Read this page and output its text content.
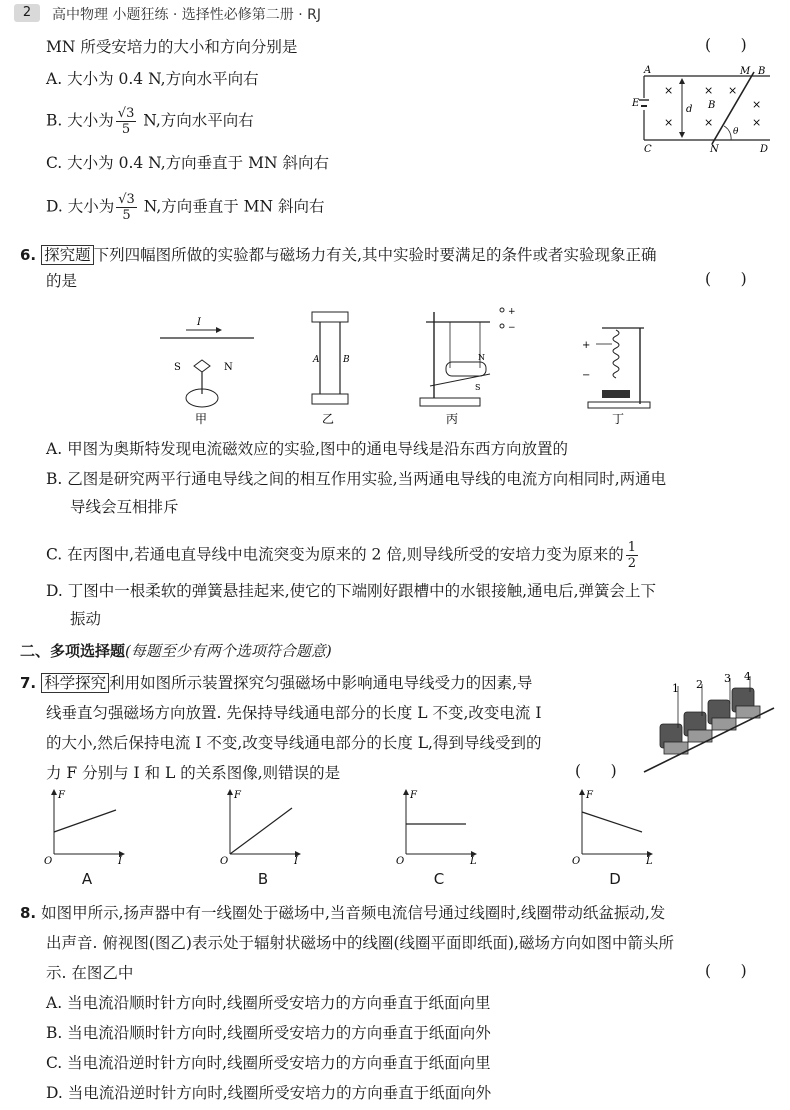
2	高中物理 小题狂练 · 选择性必修第二册 · RJ
MN 所受安培力的大小和方向分别是	(      )
A. 大小为 0.4 N,方向水平向右
B. 大小为 $\frac{√3}{5} N$,方向水平向右
C. 大小为 0.4 N,方向垂直于 MN 斜向右
D. 大小为 $\frac{√3}{5} N$,方向垂直于 MN 斜向右
×
×
× ×
×
×
×
A	B
C	D
M
N
E
d B
θ
6. 探究题 下列四幅图所做的实验都与磁场力有关,其中实验时要满足的条件或者实验现象正确
的是	(      )
I
S	N
甲
A	B
乙
+
−
N
S
丙
+
−
丁
A. 甲图为奥斯特发现电流磁效应的实验,图中的通电导线是沿东西方向放置的
B. 乙图是研究两平行通电导线之间的相互作用实验,当两通电导线的电流方向相同时,两通电
导线会互相排斥
C. 在丙图中,若通电直导线中电流突变为原来的 2 倍,则导线所受的安培力变为原来的 $\frac{1}{2}$
D. 丁图中一根柔软的弹簧悬挂起来,使它的下端刚好跟槽中的水银接触,通电后,弹簧会上下
振动
二、多项选择题(每题至少有两个选项符合题意)
7. 科学探究 利用如图所示装置探究匀强磁场中影响通电导线受力的因素,导
线垂直匀强磁场方向放置. 先保持导线通电部分的长度 L 不变,改变电流 I
的大小,然后保持电流 I 不变,改变导线通电部分的长度 L,得到导线受到的
力 F 分别与 I 和 L 的关系图像,则错误的是	(      )
1 2 3 4
F
I
O
F
I
O
F
L
O
F
L
O
A	B	C	D
8. 如图甲所示,扬声器中有一线圈处于磁场中,当音频电流信号通过线圈时,线圈带动纸盆振动,发
出声音. 俯视图(图乙)表示处于辐射状磁场中的线圈(线圈平面即纸面),磁场方向如图中箭头所
示. 在图乙中	(      )
A. 当电流沿顺时针方向时,线圈所受安培力的方向垂直于纸面向里
B. 当电流沿顺时针方向时,线圈所受安培力的方向垂直于纸面向外
C. 当电流沿逆时针方向时,线圈所受安培力的方向垂直于纸面向里
D. 当电流沿逆时针方向时,线圈所受安培力的方向垂直于纸面向外
